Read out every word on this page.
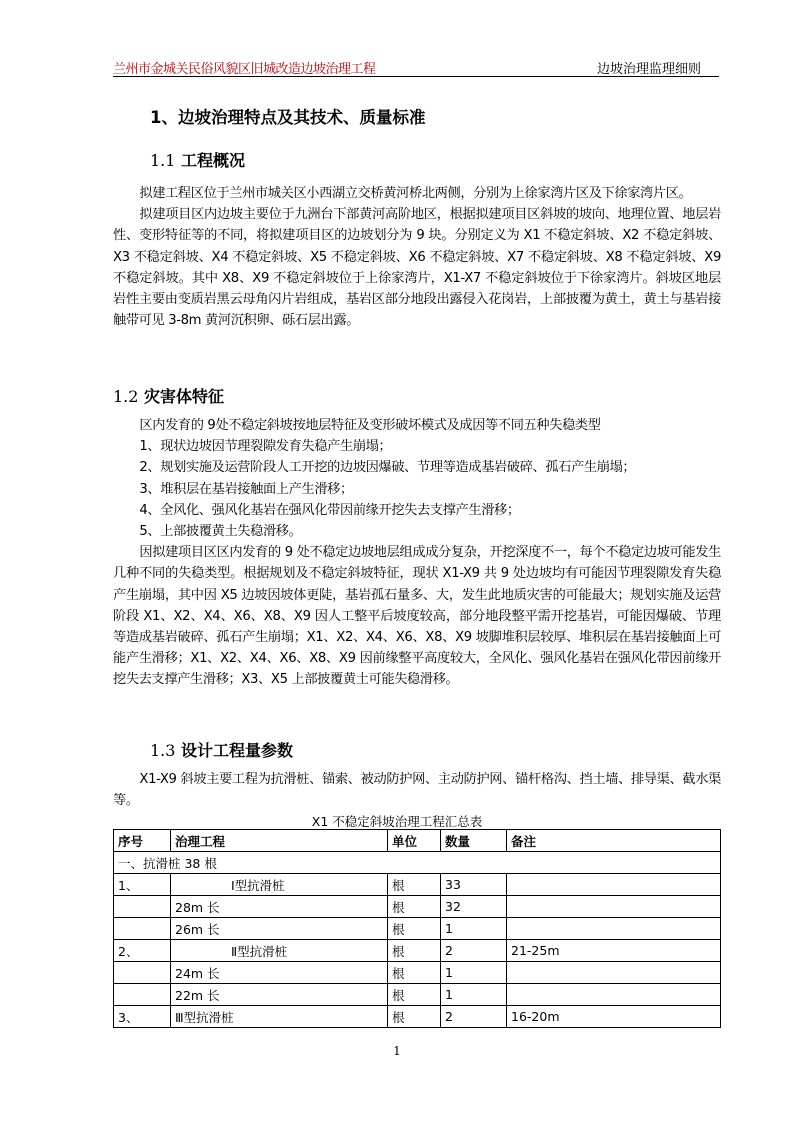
兰州市金城关民俗风貌区旧城改造边坡治理工程	边坡治理监理细则
1、边坡治理特点及其技术、质量标准
1.1 工程概况

拟建工程区位于兰州市城关区小西湖立交桥黄河桥北两侧，分别为上徐家湾片区及下徐家湾片区。

拟建项目区内边坡主要位于九洲台下部黄河高阶地区，根据拟建项目区斜坡的坡向、地理位置、地层岩性、变形特征等的不同，将拟建项目区的边坡划分为 9 块。分别定义为 X1 不稳定斜坡、X2 不稳定斜坡、X3 不稳定斜坡、X4 不稳定斜坡、X5 不稳定斜坡、X6 不稳定斜坡、X7 不稳定斜坡、X8 不稳定斜坡、X9 不稳定斜坡。其中 X8、X9 不稳定斜坡位于上徐家湾片，X1-X7 不稳定斜坡位于下徐家湾片。斜坡区地层岩性主要由变质岩黑云母角闪片岩组成，基岩区部分地段出露侵入花岗岩，上部披覆为黄土，黄土与基岩接触带可见 3-8m 黄河沉积卵、砾石层出露。

1.2 灾害体特征

区内发育的 9处不稳定斜坡按地层特征及变形破坏模式及成因等不同五种失稳类型

1、现状边坡因节理裂隙发育失稳产生崩塌；

2、规划实施及运营阶段人工开挖的边坡因爆破、节理等造成基岩破碎、孤石产生崩塌；

3、堆积层在基岩接触面上产生滑移；

4、全风化、强风化基岩在强风化带因前缘开挖失去支撑产生滑移；

5、上部披覆黄土失稳滑移。

因拟建项目区区内发育的 9 处不稳定边坡地层组成成分复杂，开挖深度不一，每个不稳定边坡可能发生几种不同的失稳类型。根据规划及不稳定斜坡特征，现状 X1-X9 共 9 处边坡均有可能因节理裂隙发育失稳产生崩塌，其中因 X5 边坡因坡体更陡，基岩孤石量多、大，发生此地质灾害的可能最大；规划实施及运营阶段 X1、X2、X4、X6、X8、X9 因人工整平后坡度较高，部分地段整平需开挖基岩，可能因爆破、节理等造成基岩破碎、孤石产生崩塌；X1、X2、X4、X6、X8、X9 坡脚堆积层较厚、堆积层在基岩接触面上可能产生滑移；X1、X2、X4、X6、X8、X9 因前缘整平高度较大，全风化、强风化基岩在强风化带因前缘开挖失去支撑产生滑移；X3、X5 上部披覆黄土可能失稳滑移。

1.3 设计工程量参数

X1-X9 斜坡主要工程为抗滑桩、锚索、被动防护网、主动防护网、锚杆格沟、挡土墙、排导渠、截水渠等。

X1 不稳定斜坡治理工程汇总表
序号	治理工程	单位	数量	备注
一、抗滑桩 38 根				
1、	Ⅰ型抗滑桩	根	33	
	28m 长	根	32	
	26m 长	根	1	
2、	Ⅱ型抗滑桩	根	2	21-25m
	24m 长	根	1	
	22m 长	根	1	
3、	Ⅲ型抗滑桩	根	2	16-20m
1
